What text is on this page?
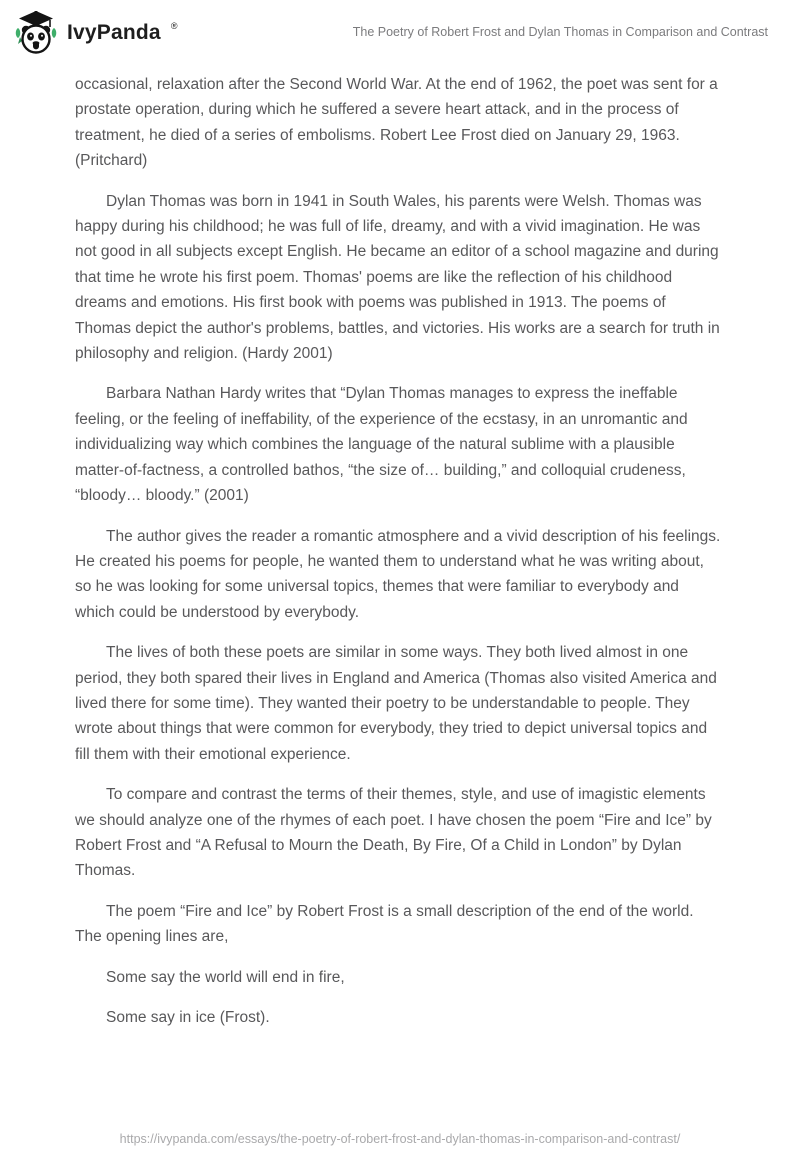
IvyPanda ®	The Poetry of Robert Frost and Dylan Thomas in Comparison and Contrast

occasional, relaxation after the Second World War. At the end of 1962, the poet was sent for a prostate operation, during which he suffered a severe heart attack, and in the process of treatment, he died of a series of embolisms. Robert Lee Frost died on January 29, 1963. (Pritchard)

Dylan Thomas was born in 1941 in South Wales, his parents were Welsh. Thomas was happy during his childhood; he was full of life, dreamy, and with a vivid imagination. He was not good in all subjects except English. He became an editor of a school magazine and during that time he wrote his first poem. Thomas' poems are like the reflection of his childhood dreams and emotions. His first book with poems was published in 1913. The poems of Thomas depict the author's problems, battles, and victories. His works are a search for truth in philosophy and religion. (Hardy 2001)

Barbara Nathan Hardy writes that “Dylan Thomas manages to express the ineffable feeling, or the feeling of ineffability, of the experience of the ecstasy, in an unromantic and individualizing way which combines the language of the natural sublime with a plausible matter-of-factness, a controlled bathos, “the size of… building,” and colloquial crudeness, “bloody… bloody.” (2001)

The author gives the reader a romantic atmosphere and a vivid description of his feelings. He created his poems for people, he wanted them to understand what he was writing about, so he was looking for some universal topics, themes that were familiar to everybody and which could be understood by everybody.

The lives of both these poets are similar in some ways. They both lived almost in one period, they both spared their lives in England and America (Thomas also visited America and lived there for some time). They wanted their poetry to be understandable to people. They wrote about things that were common for everybody, they tried to depict universal topics and fill them with their emotional experience.

To compare and contrast the terms of their themes, style, and use of imagistic elements we should analyze one of the rhymes of each poet. I have chosen the poem “Fire and Ice” by Robert Frost and “A Refusal to Mourn the Death, By Fire, Of a Child in London” by Dylan Thomas.

The poem “Fire and Ice” by Robert Frost is a small description of the end of the world. The opening lines are,

Some say the world will end in fire,

Some say in ice (Frost).

https://ivypanda.com/essays/the-poetry-of-robert-frost-and-dylan-thomas-in-comparison-and-contrast/
